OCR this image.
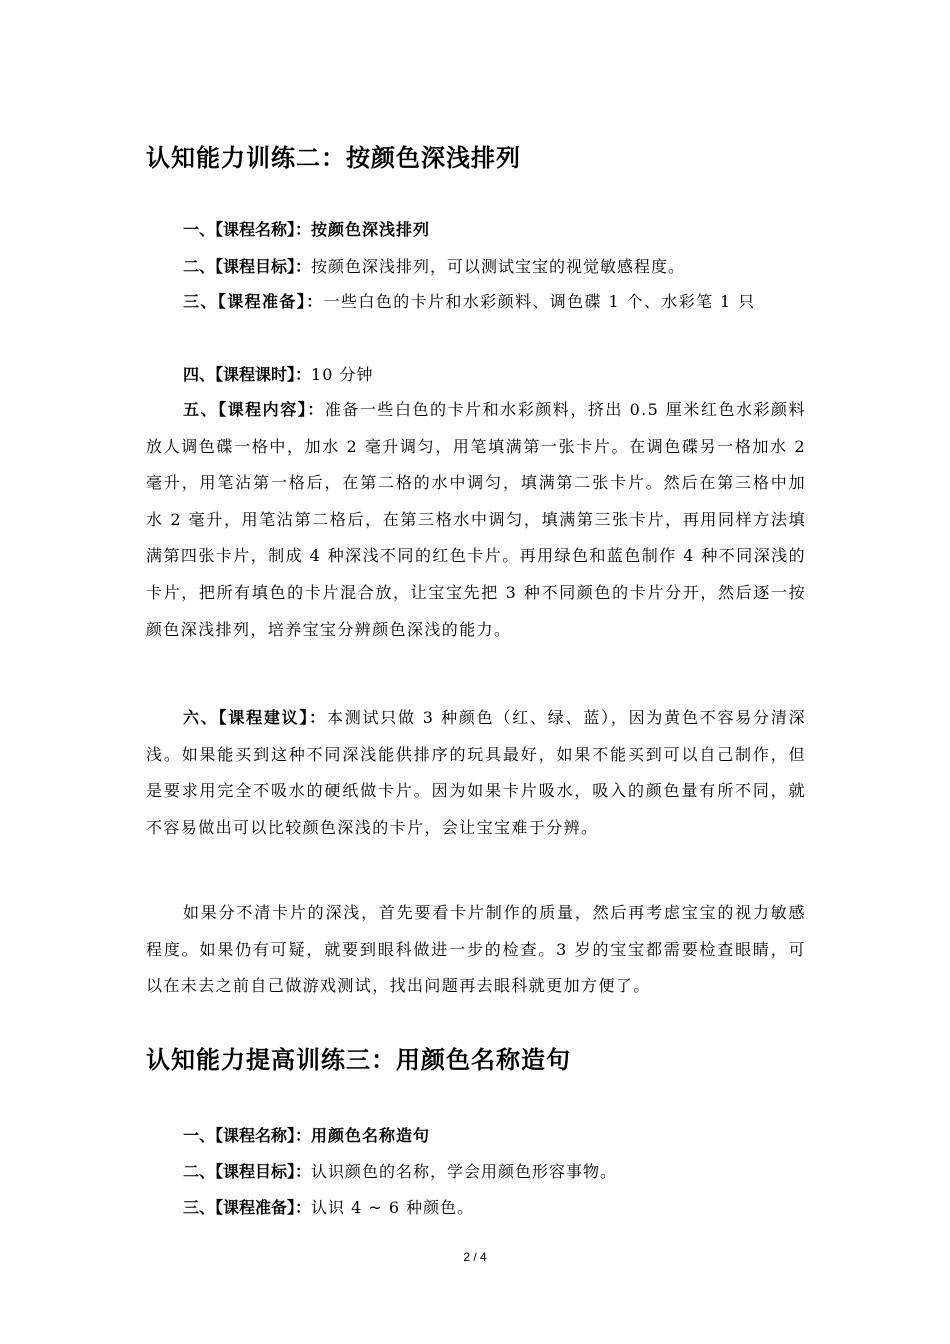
认知能力训练二：按颜色深浅排列
一、【课程名称】：按颜色深浅排列
二、【课程目标】：按颜色深浅排列，可以测试宝宝的视觉敏感程度。
三、【课程准备】：一些白色的卡片和水彩颜料、调色碟 1 个、水彩笔 1 只
四、【课程课时】：10 分钟
五、【课程内容】：准备一些白色的卡片和水彩颜料，挤出 0.5 厘米红色水彩颜料放人调色碟一格中，加水 2 毫升调匀，用笔填满第一张卡片。在调色碟另一格加水 2 毫升，用笔沾第一格后，在第二格的水中调匀，填满第二张卡片。然后在第三格中加水 2 毫升，用笔沾第二格后，在第三格水中调匀，填满第三张卡片，再用同样方法填满第四张卡片，制成 4 种深浅不同的红色卡片。再用绿色和蓝色制作 4 种不同深浅的卡片，把所有填色的卡片混合放，让宝宝先把 3 种不同颜色的卡片分开，然后逐一按颜色深浅排列，培养宝宝分辨颜色深浅的能力。
六、【课程建议】：本测试只做 3 种颜色（红、绿、蓝），因为黄色不容易分清深浅。如果能买到这种不同深浅能供排序的玩具最好，如果不能买到可以自己制作，但是要求用完全不吸水的硬纸做卡片。因为如果卡片吸水，吸入的颜色量有所不同，就不容易做出可以比较颜色深浅的卡片，会让宝宝难于分辨。
如果分不清卡片的深浅，首先要看卡片制作的质量，然后再考虑宝宝的视力敏感程度。如果仍有可疑，就要到眼科做进一步的检查。3 岁的宝宝都需要检查眼睛，可以在未去之前自己做游戏测试，找出问题再去眼科就更加方便了。
认知能力提高训练三：用颜色名称造句
一、【课程名称】：用颜色名称造句
二、【课程目标】：认识颜色的名称，学会用颜色形容事物。
三、【课程准备】：认识 4 ~ 6 种颜色。
2 / 4
